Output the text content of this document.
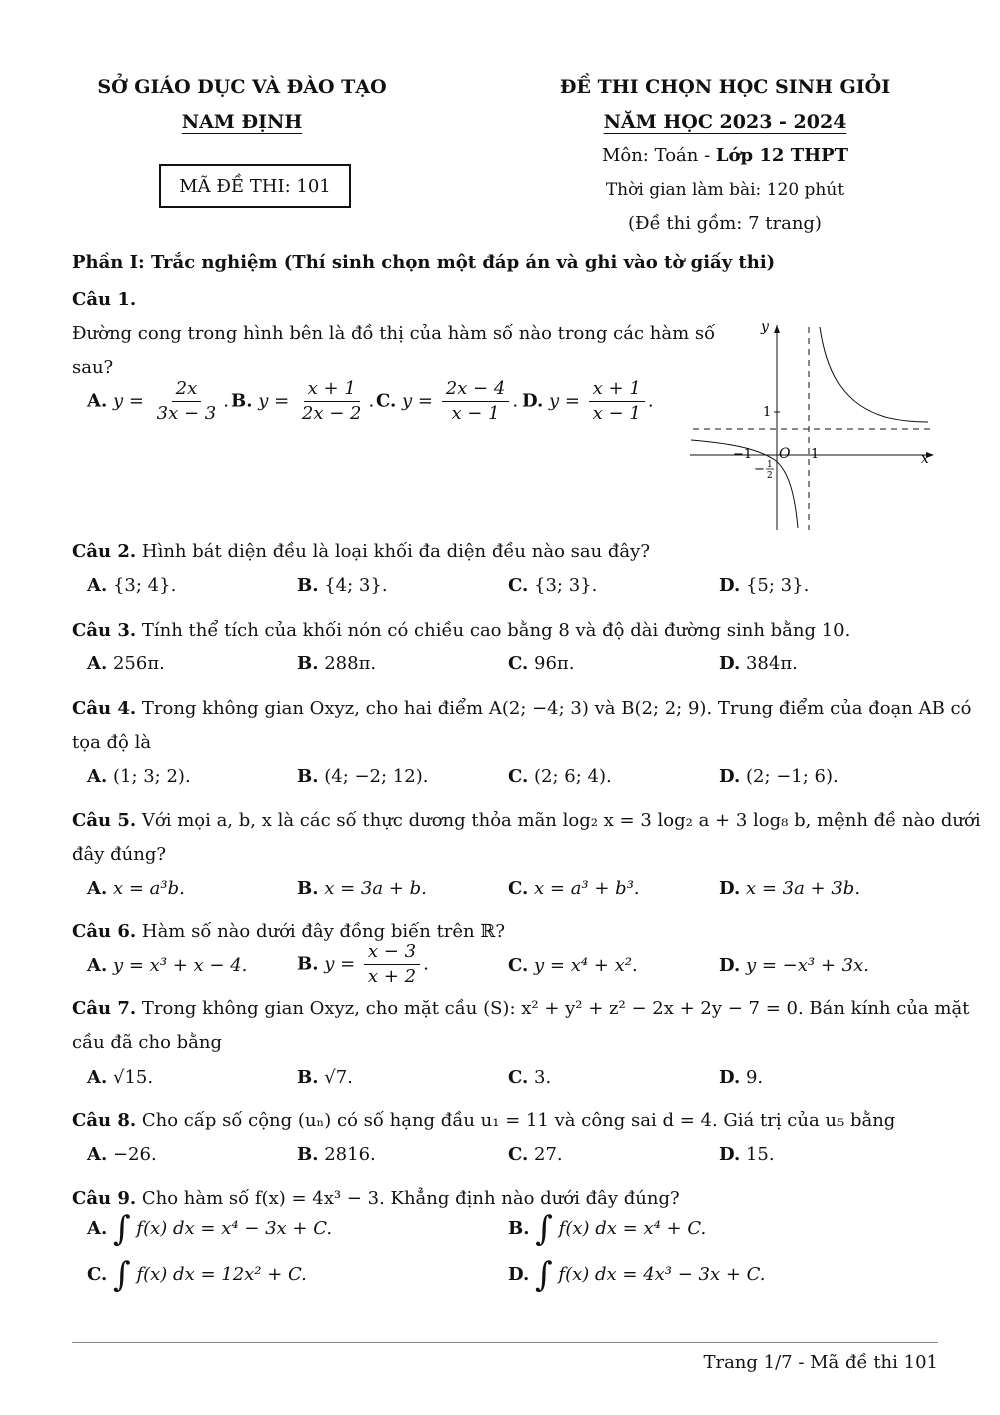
SỞ GIÁO DỤC VÀ ĐÀO TẠO
NAM ĐỊNH
MÃ ĐỀ THI: 101
ĐỀ THI CHỌN HỌC SINH GIỎI
NĂM HỌC 2023 - 2024
Môn: Toán - Lớp 12 THPT
Thời gian làm bài: 120 phút
(Đề thi gồm: 7 trang)
Phần I: Trắc nghiệm (Thí sinh chọn một đáp án và ghi vào tờ giấy thi)
Câu 1.
Đường cong trong hình bên là đồ thị của hàm số nào trong các hàm số
sau?
A. $y = \frac{2x}{3x - 3}$ . B. $y = \frac{x + 1}{2x - 2}$ . C. $y = \frac{2x - 4}{x - 1}$ . D. $y = \frac{x + 1}{x - 1}$ .
y
x
O
1
1
−1
− 1
2
Câu 2. Hình bát diện đều là loại khối đa diện đều nào sau đây?
A. {3; 4}.	B. {4; 3}.	C. {3; 3}.	D. {5; 3}.
Câu 3. Tính thể tích của khối nón có chiều cao bằng 8 và độ dài đường sinh bằng 10.
A. 256π.	B. 288π.	C. 96π.	D. 384π.
Câu 4. Trong không gian Oxyz, cho hai điểm A(2; −4; 3) và B(2; 2; 9). Trung điểm của đoạn AB có
tọa độ là
A. (1; 3; 2).	B. (4; −2; 12).	C. (2; 6; 4).	D. (2; −1; 6).
Câu 5. Với mọi a, b, x là các số thực dương thỏa mãn log₂ x = 3 log₂ a + 3 log₈ b, mệnh đề nào dưới
đây đúng?
A. x = a³b.	B. x = 3a + b.	C. x = a³ + b³.	D. x = 3a + 3b.
Câu 6. Hàm số nào dưới đây đồng biến trên ℝ?
A. y = x³ + x − 4.	B. $y = \frac{x - 3}{x + 2}$ .	C. y = x⁴ + x².	D. y = −x³ + 3x.
Câu 7. Trong không gian Oxyz, cho mặt cầu (S): x² + y² + z² − 2x + 2y − 7 = 0. Bán kính của mặt
cầu đã cho bằng
A. √15.	B. √7.	C. 3.	D. 9.
Câu 8. Cho cấp số cộng (uₙ) có số hạng đầu u₁ = 11 và công sai d = 4. Giá trị của u₅ bằng
A. −26.	B. 2816.	C. 27.	D. 15.
Câu 9. Cho hàm số f(x) = 4x³ − 3. Khẳng định nào dưới đây đúng?
A. ∫ f(x) dx = x⁴ − 3x + C.	B. ∫ f(x) dx = x⁴ + C.
C. ∫ f(x) dx = 12x² + C.	D. ∫ f(x) dx = 4x³ − 3x + C.
Trang 1/7 - Mã đề thi 101
